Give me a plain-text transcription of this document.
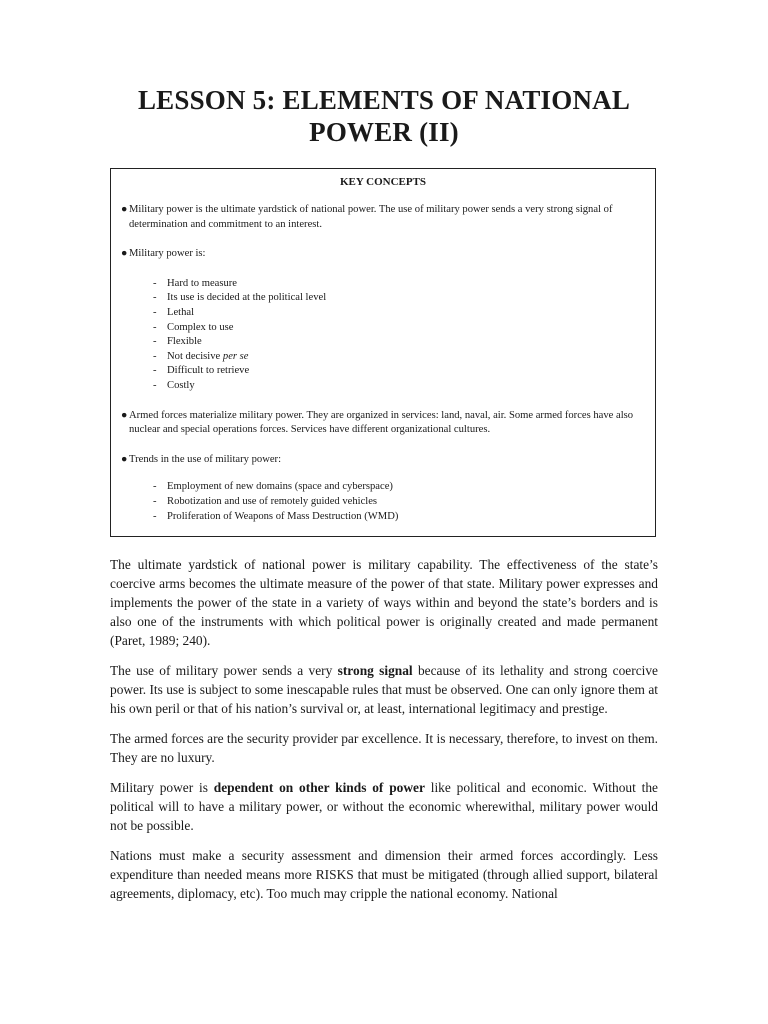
LESSON 5: ELEMENTS OF NATIONAL
POWER (II)
KEY CONCEPTS
● Military power is the ultimate yardstick of national power. The use of military power sends a very strong signal of determination and commitment to an interest.
● Military power is:
- Hard to measure
- Its use is decided at the political level
- Lethal
- Complex to use
- Flexible
- Not decisive per se
- Difficult to retrieve
- Costly
● Armed forces materialize military power. They are organized in services: land, naval, air. Some armed forces have also nuclear and special operations forces. Services have different organizational cultures.
● Trends in the use of military power:
- Employment of new domains (space and cyberspace)
- Robotization and use of remotely guided vehicles
- Proliferation of Weapons of Mass Destruction (WMD)

The ultimate yardstick of national power is military capability. The effectiveness of the state’s coercive arms becomes the ultimate measure of the power of that state. Military power expresses and implements the power of the state in a variety of ways within and beyond the state’s borders and is also one of the instruments with which political power is originally created and made permanent (Paret, 1989; 240).

The use of military power sends a very strong signal because of its lethality and strong coercive power. Its use is subject to some inescapable rules that must be observed. One can only ignore them at his own peril or that of his nation’s survival or, at least, international legitimacy and prestige.

The armed forces are the security provider par excellence. It is necessary, therefore, to invest on them. They are no luxury.

Military power is dependent on other kinds of power like political and economic. Without the political will to have a military power, or without the economic wherewithal, military power would not be possible.

Nations must make a security assessment and dimension their armed forces accordingly. Less expenditure than needed means more RISKS that must be mitigated (through allied support, bilateral agreements, diplomacy, etc). Too much may cripple the national economy. National
